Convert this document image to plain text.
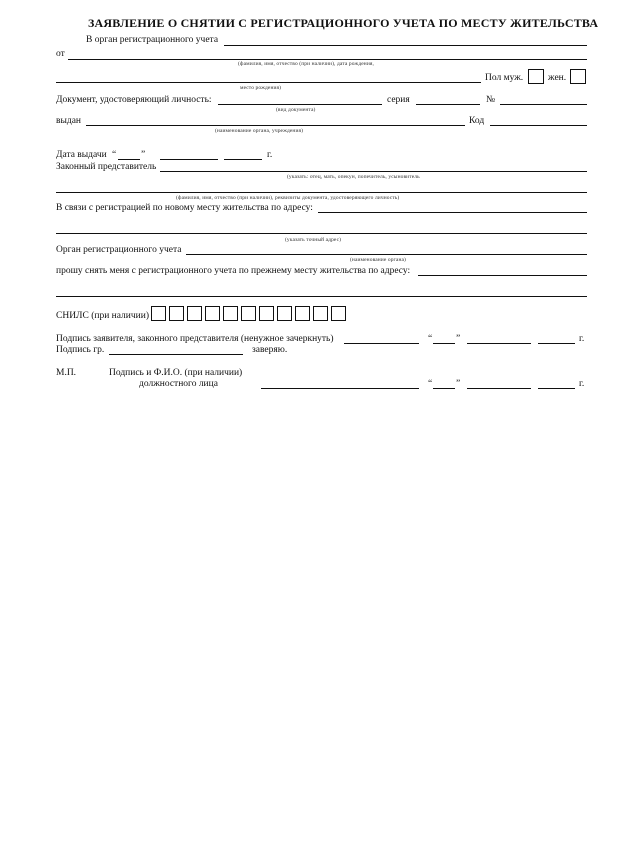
ЗАЯВЛЕНИЕ О СНЯТИИ С РЕГИСТРАЦИОННОГО УЧЕТА ПО МЕСТУ ЖИТЕЛЬСТВА
В орган регистрационного учета
от
(фамилия, имя, отчество (при наличии), дата рождения,
Пол муж.	жен.
место рождения)
Документ, удостоверяющий личность:	серия	№
(вид документа)
выдан	Код
(наименование органа, учреждения)
Дата выдачи “	”	г.
Законный представитель
(указать: отец, мать, опекун, попечитель, усыновитель
(фамилия, имя, отчество (при наличии), реквизиты документа, удостоверяющего личность)
В связи с регистрацией по новому месту жительства по адресу:
(указать точный адрес)
Орган регистрационного учета
(наименование органа)
прошу снять меня с регистрационного учета по прежнему месту жительства по адресу:
СНИЛС (при наличии)
Подпись заявителя, законного представителя (ненужное зачеркнуть)	“	”	г.
Подпись гр.	заверяю.
М.П.	Подпись и Ф.И.О. (при наличии)
должностного лица	“	”	г.
